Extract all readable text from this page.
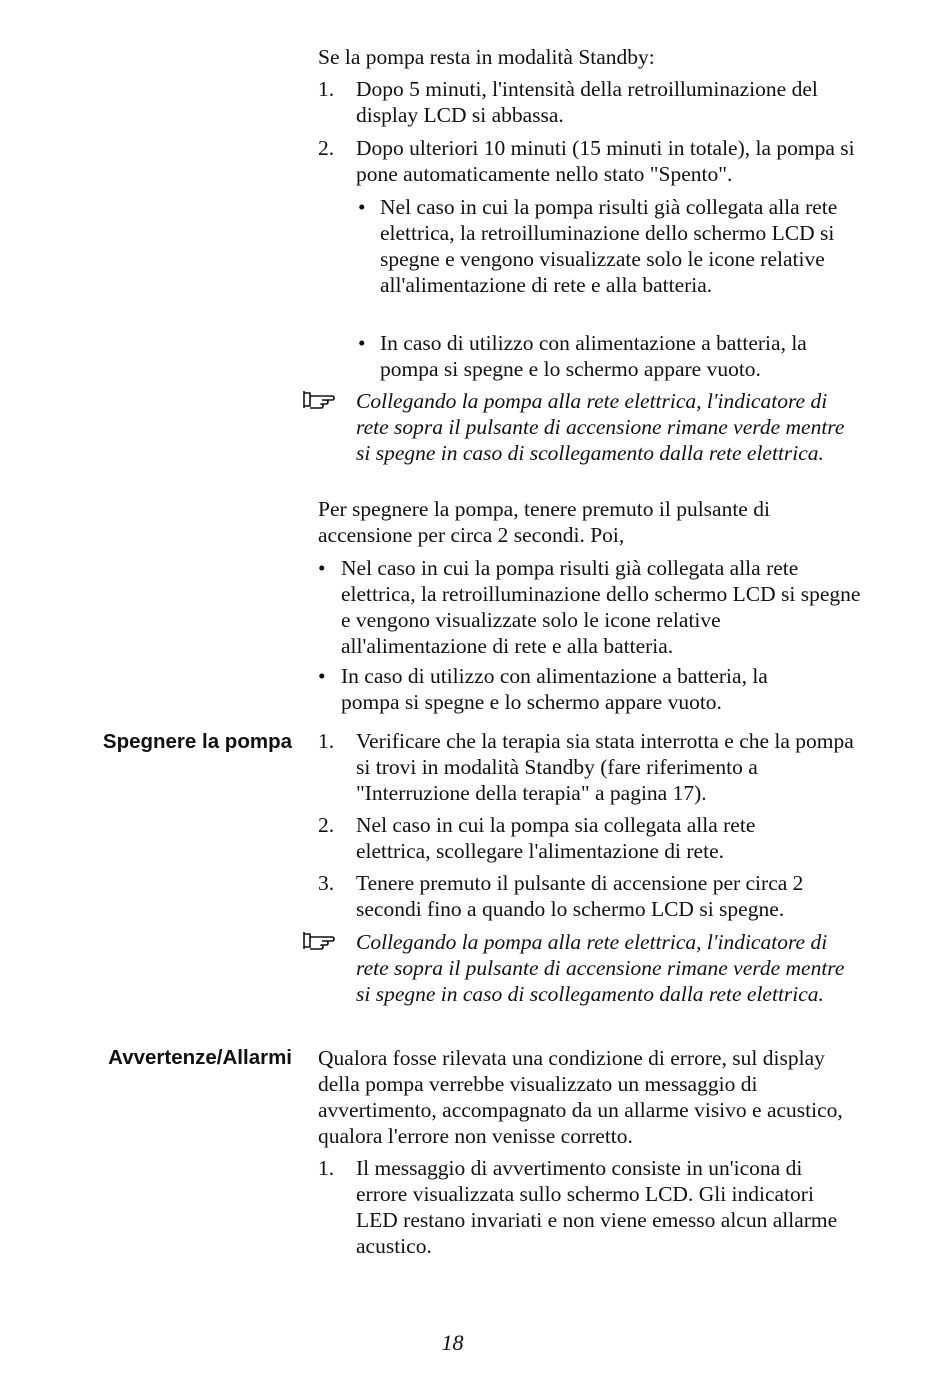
Se la pompa resta in modalità Standby:
1.	Dopo 5 minuti, l'intensità della retroilluminazione del display LCD si abbassa.
2.	Dopo ulteriori 10 minuti (15 minuti in totale), la pompa si pone automaticamente nello stato "Spento".
• Nel caso in cui la pompa risulti già collegata alla rete elettrica, la retroilluminazione dello schermo LCD si spegne e vengono visualizzate solo le icone relative all'alimentazione di rete e alla batteria.
• In caso di utilizzo con alimentazione a batteria, la pompa si spegne e lo schermo appare vuoto.
Collegando la pompa alla rete elettrica, l'indicatore di rete sopra il pulsante di accensione rimane verde mentre si spegne in caso di scollegamento dalla rete elettrica.
Per spegnere la pompa, tenere premuto il pulsante di accensione per circa 2 secondi. Poi,
• Nel caso in cui la pompa risulti già collegata alla rete elettrica, la retroilluminazione dello schermo LCD si spegne e vengono visualizzate solo le icone relative all'alimentazione di rete e alla batteria.
• In caso di utilizzo con alimentazione a batteria, la pompa si spegne e lo schermo appare vuoto.
Spegnere la pompa 1.	Verificare che la terapia sia stata interrotta e che la pompa si trovi in modalità Standby (fare riferimento a "Interruzione della terapia" a pagina 17).
2.	Nel caso in cui la pompa sia collegata alla rete elettrica, scollegare l'alimentazione di rete.
3.	Tenere premuto il pulsante di accensione per circa 2 secondi fino a quando lo schermo LCD si spegne.
Collegando la pompa alla rete elettrica, l'indicatore di rete sopra il pulsante di accensione rimane verde mentre si spegne in caso di scollegamento dalla rete elettrica.
Avvertenze/Allarmi Qualora fosse rilevata una condizione di errore, sul display della pompa verrebbe visualizzato un messaggio di avvertimento, accompagnato da un allarme visivo e acustico, qualora l'errore non venisse corretto.
1.	Il messaggio di avvertimento consiste in un'icona di errore visualizzata sullo schermo LCD. Gli indicatori LED restano invariati e non viene emesso alcun allarme acustico.
18
